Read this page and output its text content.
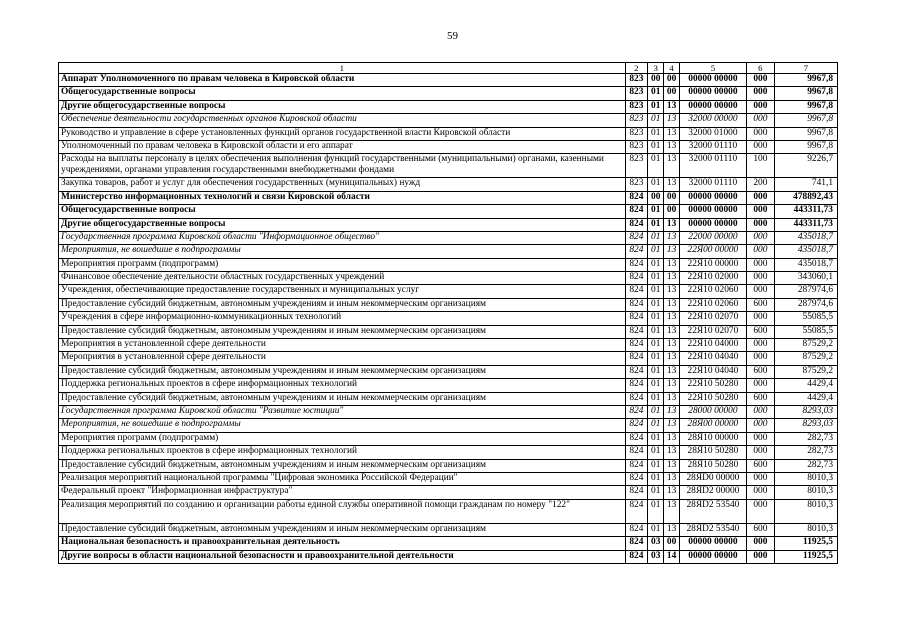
59
1	2	3	4	5	6	7
Аппарат Уполномоченного по правам человека в Кировской области	823	00	00	00000 00000	000	9967,8
Общегосударственные вопросы	823	01	00	00000 00000	000	9967,8
Другие общегосударственные вопросы	823	01	13	00000 00000	000	9967,8
Обеспечение деятельности государственных органов Кировской области	823	01	13	32000 00000	000	9967,8
Руководство и управление в сфере установленных функций органов государственной власти Кировской области	823	01	13	32000 01000	000	9967,8
Уполномоченный по правам человека в Кировской области и его аппарат	823	01	13	32000 01110	000	9967,8
Расходы на выплаты персоналу в целях обеспечения выполнения функций государственными (муниципальными) органами, казенными учреждениями, органами управления государственными внебюджетными фондами	823	01	13	32000 01110	100	9226,7
Закупка товаров, работ и услуг для обеспечения государственных (муниципальных) нужд	823	01	13	32000 01110	200	741,1
Министерство информационных технологий и связи Кировской области	824	00	00	00000 00000	000	478892,43
Общегосударственные вопросы	824	01	00	00000 00000	000	443311,73
Другие общегосударственные вопросы	824	01	13	00000 00000	000	443311,73
Государственная программа Кировской области "Информационное общество"	824	01	13	22000 00000	000	435018,7
Мероприятия, не вошедшие в подпрограммы	824	01	13	22Я00 00000	000	435018,7
Мероприятия программ (подпрограмм)	824	01	13	22Я10 00000	000	435018,7
Финансовое обеспечение деятельности областных государственных учреждений	824	01	13	22Я10 02000	000	343060,1
Учреждения, обеспечивающие предоставление государственных и муниципальных услуг	824	01	13	22Я10 02060	000	287974,6
Предоставление субсидий бюджетным, автономным учреждениям и иным некоммерческим организациям	824	01	13	22Я10 02060	600	287974,6
Учреждения в сфере информационно-коммуникационных технологий	824	01	13	22Я10 02070	000	55085,5
Предоставление субсидий бюджетным, автономным учреждениям и иным некоммерческим организациям	824	01	13	22Я10 02070	600	55085,5
Мероприятия в установленной сфере деятельности	824	01	13	22Я10 04000	000	87529,2
Мероприятия в установленной сфере деятельности	824	01	13	22Я10 04040	000	87529,2
Предоставление субсидий бюджетным, автономным учреждениям и иным некоммерческим организациям	824	01	13	22Я10 04040	600	87529,2
Поддержка региональных проектов в сфере информационных технологий	824	01	13	22Я10 50280	000	4429,4
Предоставление субсидий бюджетным, автономным учреждениям и иным некоммерческим организациям	824	01	13	22Я10 50280	600	4429,4
Государственная программа Кировской области "Развитие юстиции"	824	01	13	28000 00000	000	8293,03
Мероприятия, не вошедшие в подпрограммы	824	01	13	28Я00 00000	000	8293,03
Мероприятия программ (подпрограмм)	824	01	13	28Я10 00000	000	282,73
Поддержка региональных проектов в сфере информационных технологий	824	01	13	28Я10 50280	000	282,73
Предоставление субсидий бюджетным, автономным учреждениям и иным некоммерческим организациям	824	01	13	28Я10 50280	600	282,73
Реализация мероприятий национальной программы "Цифровая экономика Российской Федерации"	824	01	13	28ЯD0 00000	000	8010,3
Федеральный проект "Информационная инфраструктура"	824	01	13	28ЯD2 00000	000	8010,3
Реализация мероприятий по созданию и организации работы единой службы оперативной помощи гражданам по номеру "122"	824	01	13	28ЯD2 53540	000	8010,3
Предоставление субсидий бюджетным, автономным учреждениям и иным некоммерческим организациям	824	01	13	28ЯD2 53540	600	8010,3
Национальная безопасность и правоохранительная деятельность	824	03	00	00000 00000	000	11925,5
Другие вопросы в области национальной безопасности и правоохранительной деятельности	824	03	14	00000 00000	000	11925,5
